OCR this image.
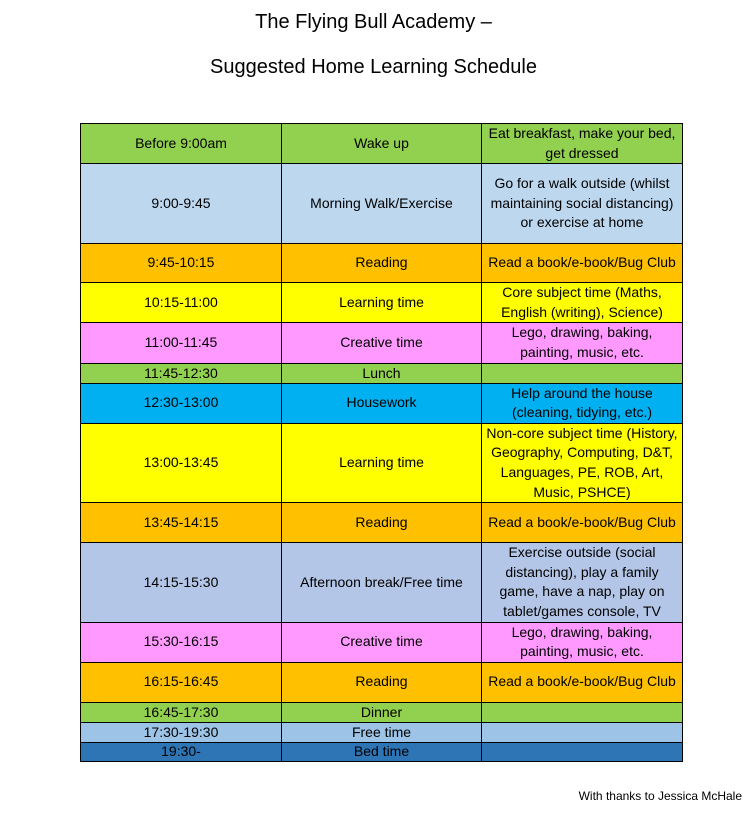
The Flying Bull Academy –
Suggested Home Learning Schedule
Before 9:00am	Wake up	Eat breakfast, make your bed, get dressed
9:00-9:45	Morning Walk/Exercise	Go for a walk outside (whilst maintaining social distancing) or exercise at home
9:45-10:15	Reading	Read a book/e-book/Bug Club
10:15-11:00	Learning time	Core subject time (Maths, English (writing), Science)
11:00-11:45	Creative time	Lego, drawing, baking, painting, music, etc.
11:45-12:30	Lunch	
12:30-13:00	Housework	Help around the house (cleaning, tidying, etc.)
13:00-13:45	Learning time	Non-core subject time (History, Geography, Computing, D&T, Languages, PE, ROB, Art, Music, PSHCE)
13:45-14:15	Reading	Read a book/e-book/Bug Club
14:15-15:30	Afternoon break/Free time	Exercise outside (social distancing), play a family game, have a nap, play on tablet/games console, TV
15:30-16:15	Creative time	Lego, drawing, baking, painting, music, etc.
16:15-16:45	Reading	Read a book/e-book/Bug Club
16:45-17:30	Dinner	
17:30-19:30	Free time	
19:30-	Bed time	
With thanks to Jessica McHale
